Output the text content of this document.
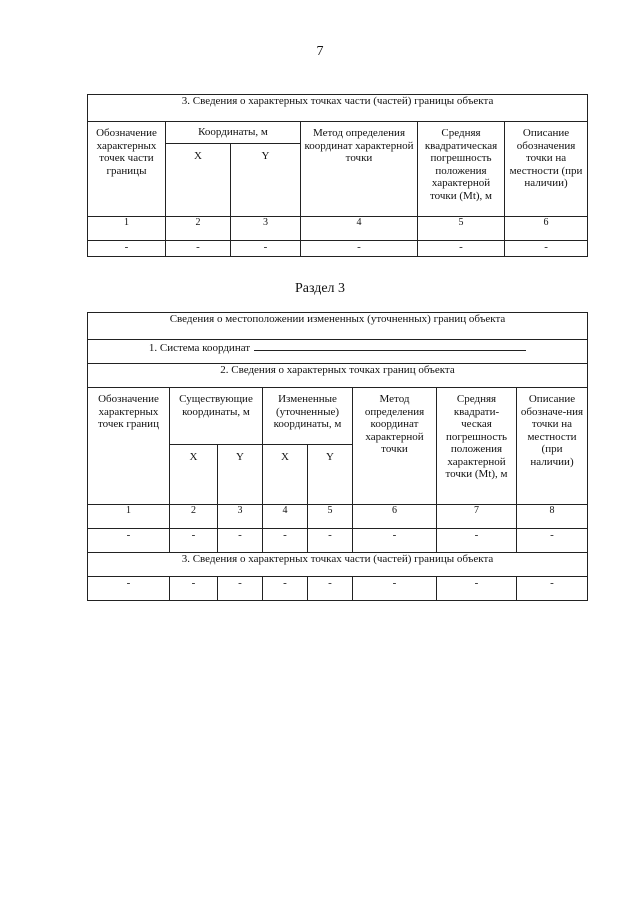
7
3. Сведения о характерных точках части (частей) границы объекта					
Обозначение характерных точек части границы	Координаты, м		Метод определения координат характерной точки	Средняя квадратическая погрешность положения характерной точки (Mt), м	Описание обозначения точки на местности (при наличии)
	X	Y			
1	2	3	4	5	6
-	-	-	-	-	-
Раздел 3
Сведения о местоположении измененных (уточненных) границ объекта							
1. Система координат							
2. Сведения о характерных точках границ объекта							
Обозначение характерных точек границ	Существующие координаты, м		Измененные (уточненные) координаты, м		Метод определения координат характерной точки	Средняя квадрати-ческая погрешность положения характерной точки (Mt), м	Описание обозначе-ния точки на местности (при наличии)
	X	Y	X	Y			
1	2	3	4	5	6	7	8
-	-	-	-	-	-	-	-
3. Сведения о характерных точках части (частей) границы объекта							
-	-	-	-	-	-	-	-
